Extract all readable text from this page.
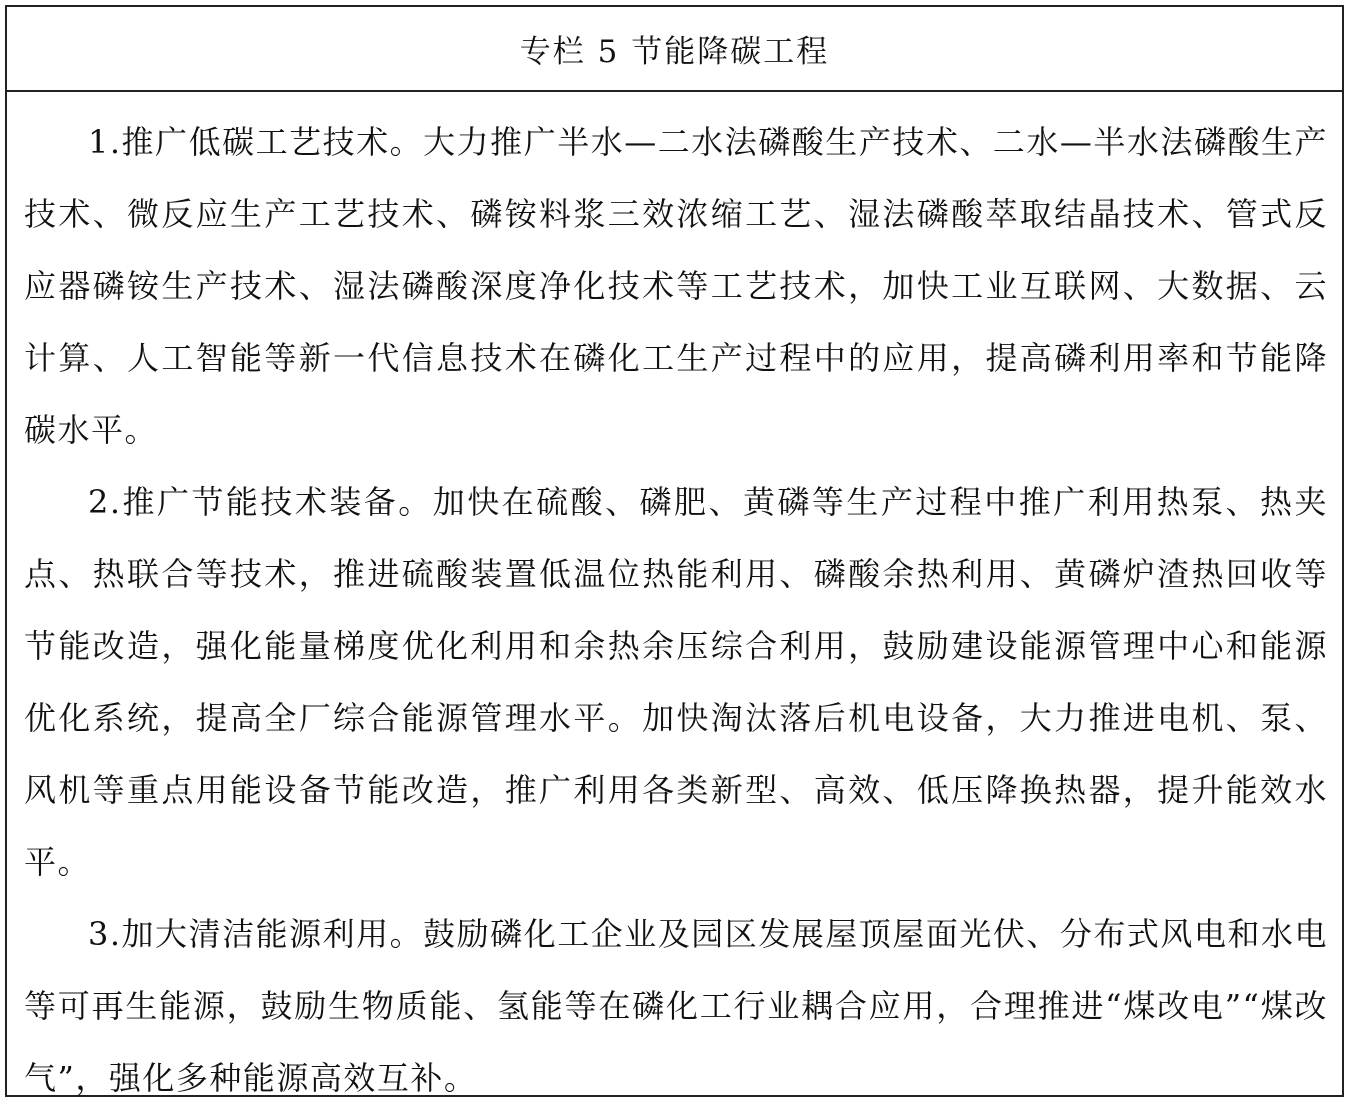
专栏 5 节能降碳工程

1.推广低碳工艺技术。大力推广半水—二水法磷酸生产技术、二水—半水法磷酸生产技术、微反应生产工艺技术、磷铵料浆三效浓缩工艺、湿法磷酸萃取结晶技术、管式反应器磷铵生产技术、湿法磷酸深度净化技术等工艺技术，加快工业互联网、大数据、云计算、人工智能等新一代信息技术在磷化工生产过程中的应用，提高磷利用率和节能降碳水平。

2.推广节能技术装备。加快在硫酸、磷肥、黄磷等生产过程中推广利用热泵、热夹点、热联合等技术，推进硫酸装置低温位热能利用、磷酸余热利用、黄磷炉渣热回收等节能改造，强化能量梯度优化利用和余热余压综合利用，鼓励建设能源管理中心和能源优化系统，提高全厂综合能源管理水平。加快淘汰落后机电设备，大力推进电机、泵、风机等重点用能设备节能改造，推广利用各类新型、高效、低压降换热器，提升能效水平。

3.加大清洁能源利用。鼓励磷化工企业及园区发展屋顶屋面光伏、分布式风电和水电等可再生能源，鼓励生物质能、氢能等在磷化工行业耦合应用，合理推进“煤改电”“煤改气”，强化多种能源高效互补。
